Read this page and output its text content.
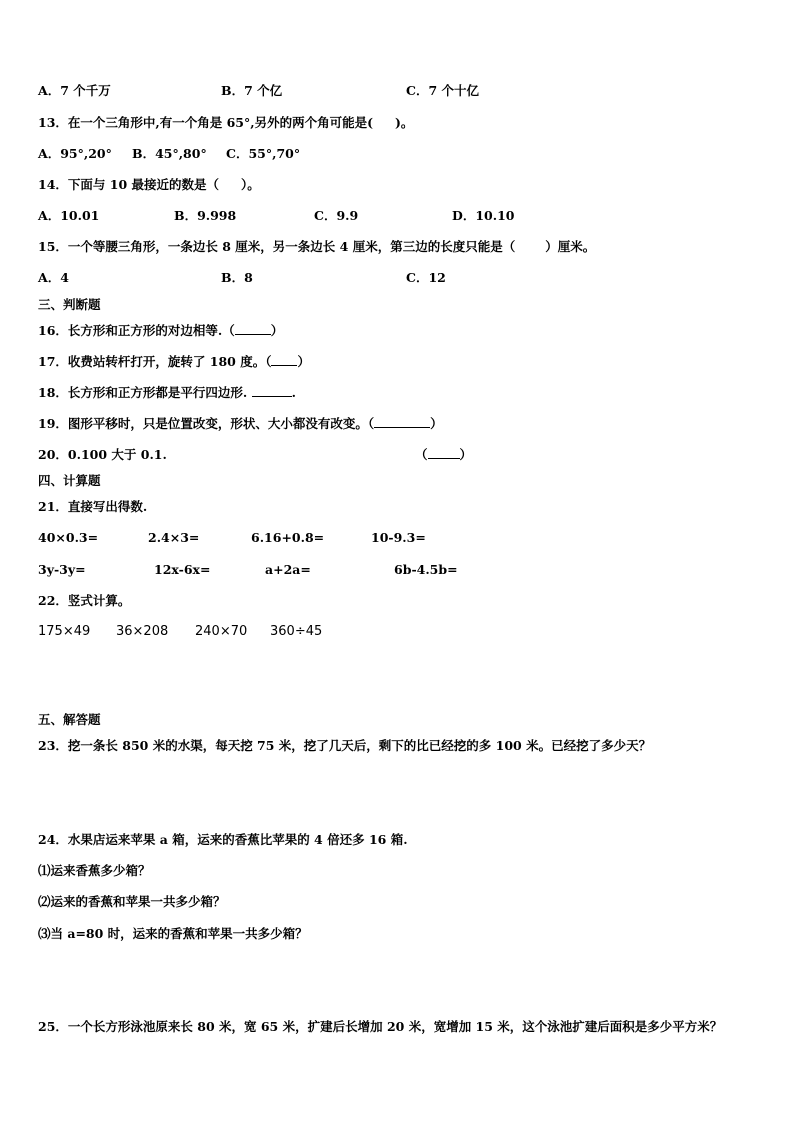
A．7 个千万	B．7 个亿	C．7 个十亿
13．在一个三角形中,有一个角是 65°,另外的两个角可能是( )。
A．95°,20° B．45°,80° C．55°,70°
14．下面与 10 最接近的数是（ ）。
A．10.01	B．9.998	C．9.9	D．10.10
15．一个等腰三角形，一条边长 8 厘米，另一条边长 4 厘米，第三边的长度只能是（ ）厘米。
A．4	B．8	C．12
三、判断题
16．长方形和正方形的对边相等.（	）
17．收费站转杆打开，旋转了 180 度。（ ）
18．长方形和正方形都是平行四边形.	.
19．图形平移时，只是位置改变，形状、大小都没有改变。（	）
20．0.100 大于 0.1.	（	）
四、计算题
21．直接写出得数.
40×0.3=	2.4×3=	6.16+0.8=	10-9.3=
3y-3y=	12x-6x=	a+2a=	6b-4.5b=
22．竖式计算。
175×49 36×208 240×70 360÷45
五、解答题
23．挖一条长 850 米的水渠，每天挖 75 米，挖了几天后，剩下的比已经挖的多 100 米。已经挖了多少天？
24．水果店运来苹果 a 箱，运来的香蕉比苹果的 4 倍还多 16 箱.
⑴运来香蕉多少箱？
⑵运来的香蕉和苹果一共多少箱？
⑶当 a=80 时，运来的香蕉和苹果一共多少箱？
25．一个长方形泳池原来长 80 米，宽 65 米，扩建后长增加 20 米，宽增加 15 米，这个泳池扩建后面积是多少平方米？
